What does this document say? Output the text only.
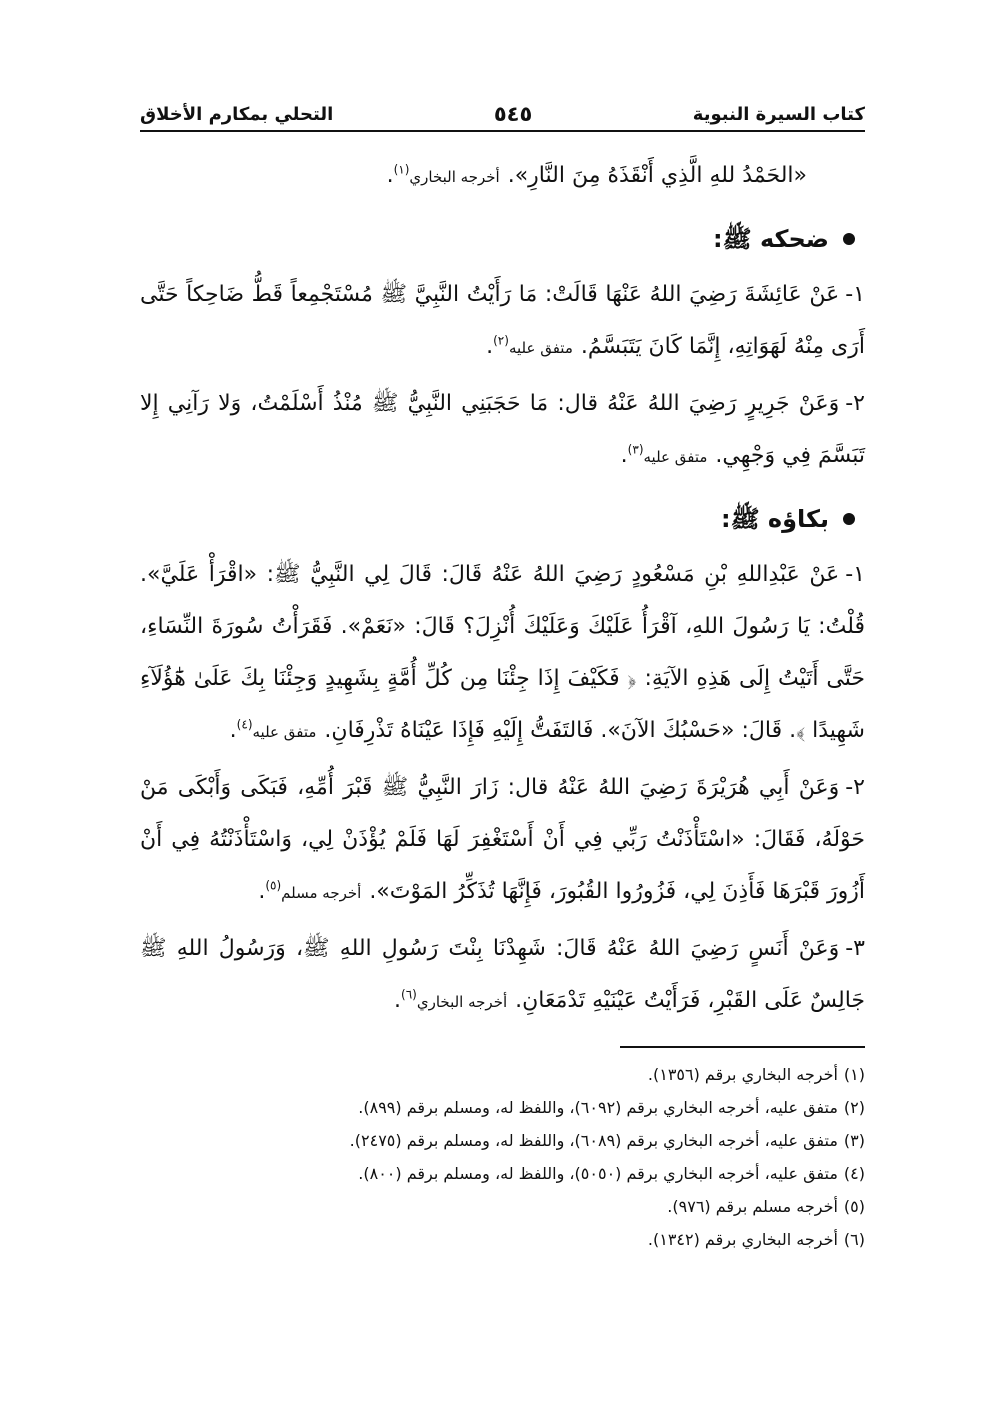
كتاب السيرة النبوية
٥٤٥
التحلي بمكارم الأخلاق

«الحَمْدُ للهِ الَّذِي أَنْقَذَهُ مِنَ النَّارِ».أخرجه البخاري$^{(١)}$.

ضحكه ﷺ:

١-عَنْ عَائِشَةَ رَضِيَ اللهُ عَنْهَا قَالَتْ: مَا رَأَيْتُ النَّبِيَّ ﷺ مُسْتَجْمِعاً قَطُّ ضَاحِكاً حَتَّى أَرَى مِنْهُ لَهَوَاتِهِ، إِنَّمَا كَانَ يَتَبَسَّمُ.متفق عليه$^{(٢)}$.

٢-وَعَنْ جَرِيرٍ رَضِيَ اللهُ عَنْهُ قال: مَا حَجَبَنِي النَّبِيُّ ﷺ مُنْذُ أَسْلَمْتُ، وَلا رَآنِي إِلا تَبَسَّمَ فِي وَجْهِي.متفق عليه$^{(٣)}$.

بكاؤه ﷺ:

١-عَنْ عَبْدِاللهِ بْنِ مَسْعُودٍ رَضِيَ اللهُ عَنْهُ قَالَ: قَالَ لِي النَّبِيُّ ﷺ: «اقْرَأْ عَلَيَّ». قُلْتُ: يَا رَسُولَ اللهِ، آقْرَأُ عَلَيْكَ وَعَلَيْكَ أُنْزِلَ؟ قَالَ: «نَعَمْ». فَقَرَأْتُ سُورَةَ النِّسَاءِ، حَتَّى أَتَيْتُ إِلَى هَذِهِ الآيَةِ: ﴿ فَكَيْفَ إِذَا جِئْنَا مِن كُلِّ أُمَّةٍ بِشَهِيدٍ وَجِئْنَا بِكَ عَلَىٰ هَٰٓؤُلَآءِ شَهِيدًا ﴾. قَالَ: «حَسْبُكَ الآنَ». فَالتَفَتُّ إِلَيْهِ فَإِذَا عَيْنَاهُ تَذْرِفَانِ.متفق عليه$^{(٤)}$.

٢-وَعَنْ أَبِي هُرَيْرَةَ رَضِيَ اللهُ عَنْهُ قال: زَارَ النَّبِيُّ ﷺ قَبْرَ أُمِّهِ، فَبَكَى وَأَبْكَى مَنْ حَوْلَهُ، فَقَالَ: «اسْتَأْذَنْتُ رَبِّي فِي أَنْ أَسْتَغْفِرَ لَهَا فَلَمْ يُؤْذَنْ لِي، وَاسْتَأْذَنْتُهُ فِي أَنْ أَزُورَ قَبْرَهَا فَأَذِنَ لِي، فَزُورُوا القُبُورَ، فَإِنَّهَا تُذَكِّرُ المَوْتَ».أخرجه مسلم$^{(٥)}$.

٣-وَعَنْ أَنَسٍ رَضِيَ اللهُ عَنْهُ قَالَ: شَهِدْنَا بِنْتَ رَسُولِ اللهِ ﷺ، وَرَسُولُ اللهِ ﷺ جَالِسٌ عَلَى القَبْرِ، فَرَأَيْتُ عَيْنَيْهِ تَدْمَعَانِ.أخرجه البخاري$^{(٦)}$.

(١)أخرجه البخاري برقم (١٣٥٦).

(٢)متفق عليه، أخرجه البخاري برقم (٦٠٩٢)، واللفظ له، ومسلم برقم (٨٩٩).

(٣)متفق عليه، أخرجه البخاري برقم (٦٠٨٩)، واللفظ له، ومسلم برقم (٢٤٧٥).

(٤)متفق عليه، أخرجه البخاري برقم (٥٠٥٠)، واللفظ له، ومسلم برقم (٨٠٠).

(٥)أخرجه مسلم برقم (٩٧٦).

(٦)أخرجه البخاري برقم (١٣٤٢).
